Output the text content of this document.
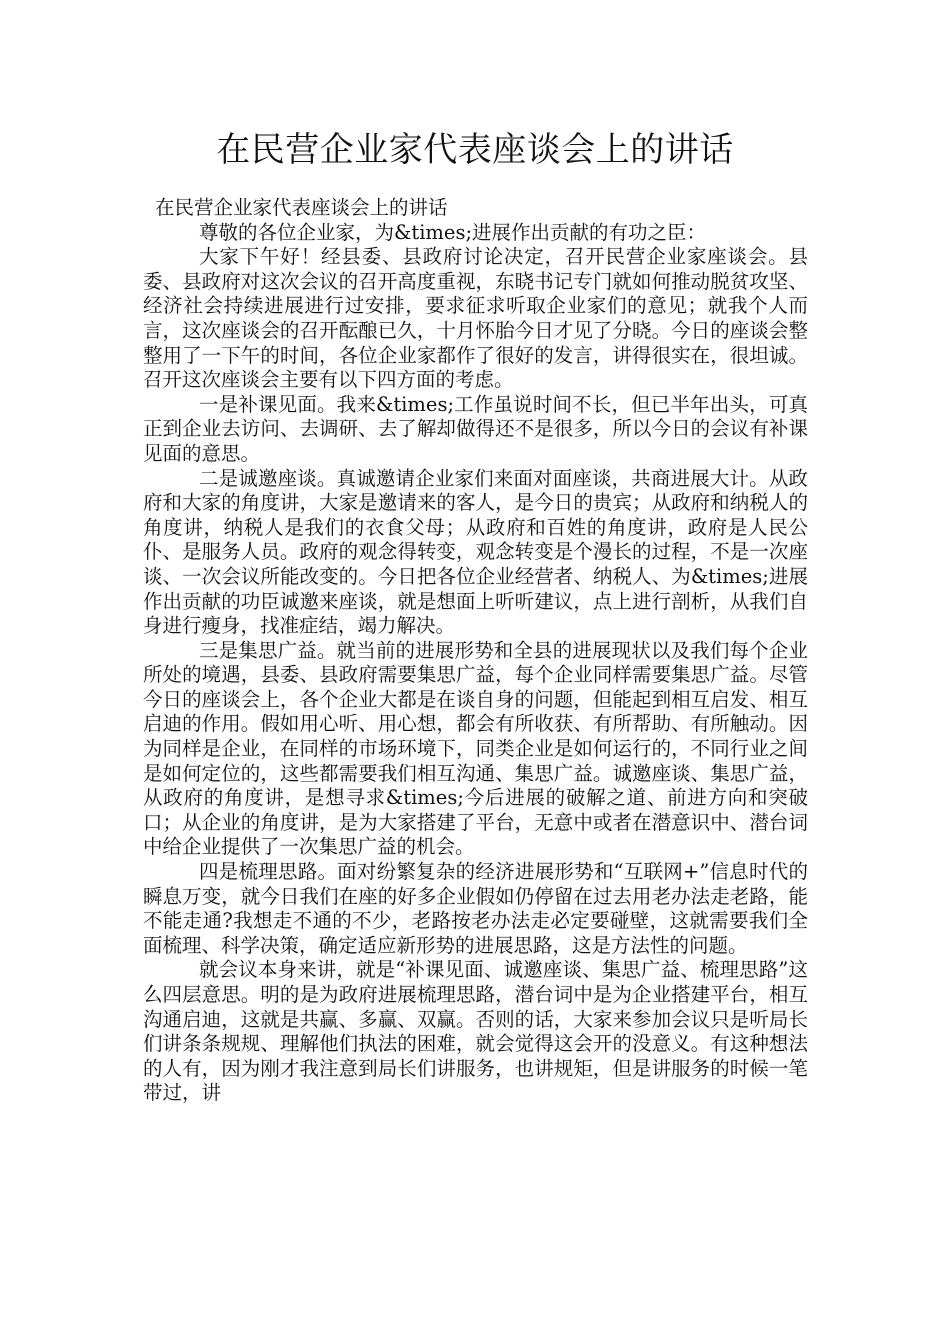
在民营企业家代表座谈会上的讲话

在民营企业家代表座谈会上的讲话

尊敬的各位企业家，为&times;进展作出贡献的有功之臣：

大家下午好！经县委、县政府讨论决定，召开民营企业家座谈会。县委、县政府对这次会议的召开高度重视，东晓书记专门就如何推动脱贫攻坚、经济社会持续进展进行过安排，要求征求听取企业家们的意见；就我个人而言，这次座谈会的召开酝酿已久，十月怀胎今日才见了分晓。今日的座谈会整整用了一下午的时间，各位企业家都作了很好的发言，讲得很实在，很坦诚。召开这次座谈会主要有以下四方面的考虑。

一是补课见面。我来&times;工作虽说时间不长，但已半年出头，可真正到企业去访问、去调研、去了解却做得还不是很多，所以今日的会议有补课见面的意思。

二是诚邀座谈。真诚邀请企业家们来面对面座谈，共商进展大计。从政府和大家的角度讲，大家是邀请来的客人，是今日的贵宾；从政府和纳税人的角度讲，纳税人是我们的衣食父母；从政府和百姓的角度讲，政府是人民公仆、是服务人员。政府的观念得转变，观念转变是个漫长的过程，不是一次座谈、一次会议所能改变的。今日把各位企业经营者、纳税人、为&times;进展作出贡献的功臣诚邀来座谈，就是想面上听听建议，点上进行剖析，从我们自身进行瘦身，找准症结，竭力解决。

三是集思广益。就当前的进展形势和全县的进展现状以及我们每个企业所处的境遇，县委、县政府需要集思广益，每个企业同样需要集思广益。尽管今日的座谈会上，各个企业大都是在谈自身的问题，但能起到相互启发、相互启迪的作用。假如用心听、用心想，都会有所收获、有所帮助、有所触动。因为同样是企业，在同样的市场环境下，同类企业是如何运行的，不同行业之间是如何定位的，这些都需要我们相互沟通、集思广益。诚邀座谈、集思广益，从政府的角度讲，是想寻求&times;今后进展的破解之道、前进方向和突破口；从企业的角度讲，是为大家搭建了平台，无意中或者在潜意识中、潜台词中给企业提供了一次集思广益的机会。

四是梳理思路。面对纷繁复杂的经济进展形势和“互联网+”信息时代的瞬息万变，就今日我们在座的好多企业假如仍停留在过去用老办法走老路，能不能走通?我想走不通的不少，老路按老办法走必定要碰壁，这就需要我们全面梳理、科学决策，确定适应新形势的进展思路，这是方法性的问题。

就会议本身来讲，就是“补课见面、诚邀座谈、集思广益、梳理思路”这么四层意思。明的是为政府进展梳理思路，潜台词中是为企业搭建平台，相互沟通启迪，这就是共赢、多赢、双赢。否则的话，大家来参加会议只是听局长们讲条条规规、理解他们执法的困难，就会觉得这会开的没意义。有这种想法的人有，因为刚才我注意到局长们讲服务，也讲规矩，但是讲服务的时候一笔带过，讲
